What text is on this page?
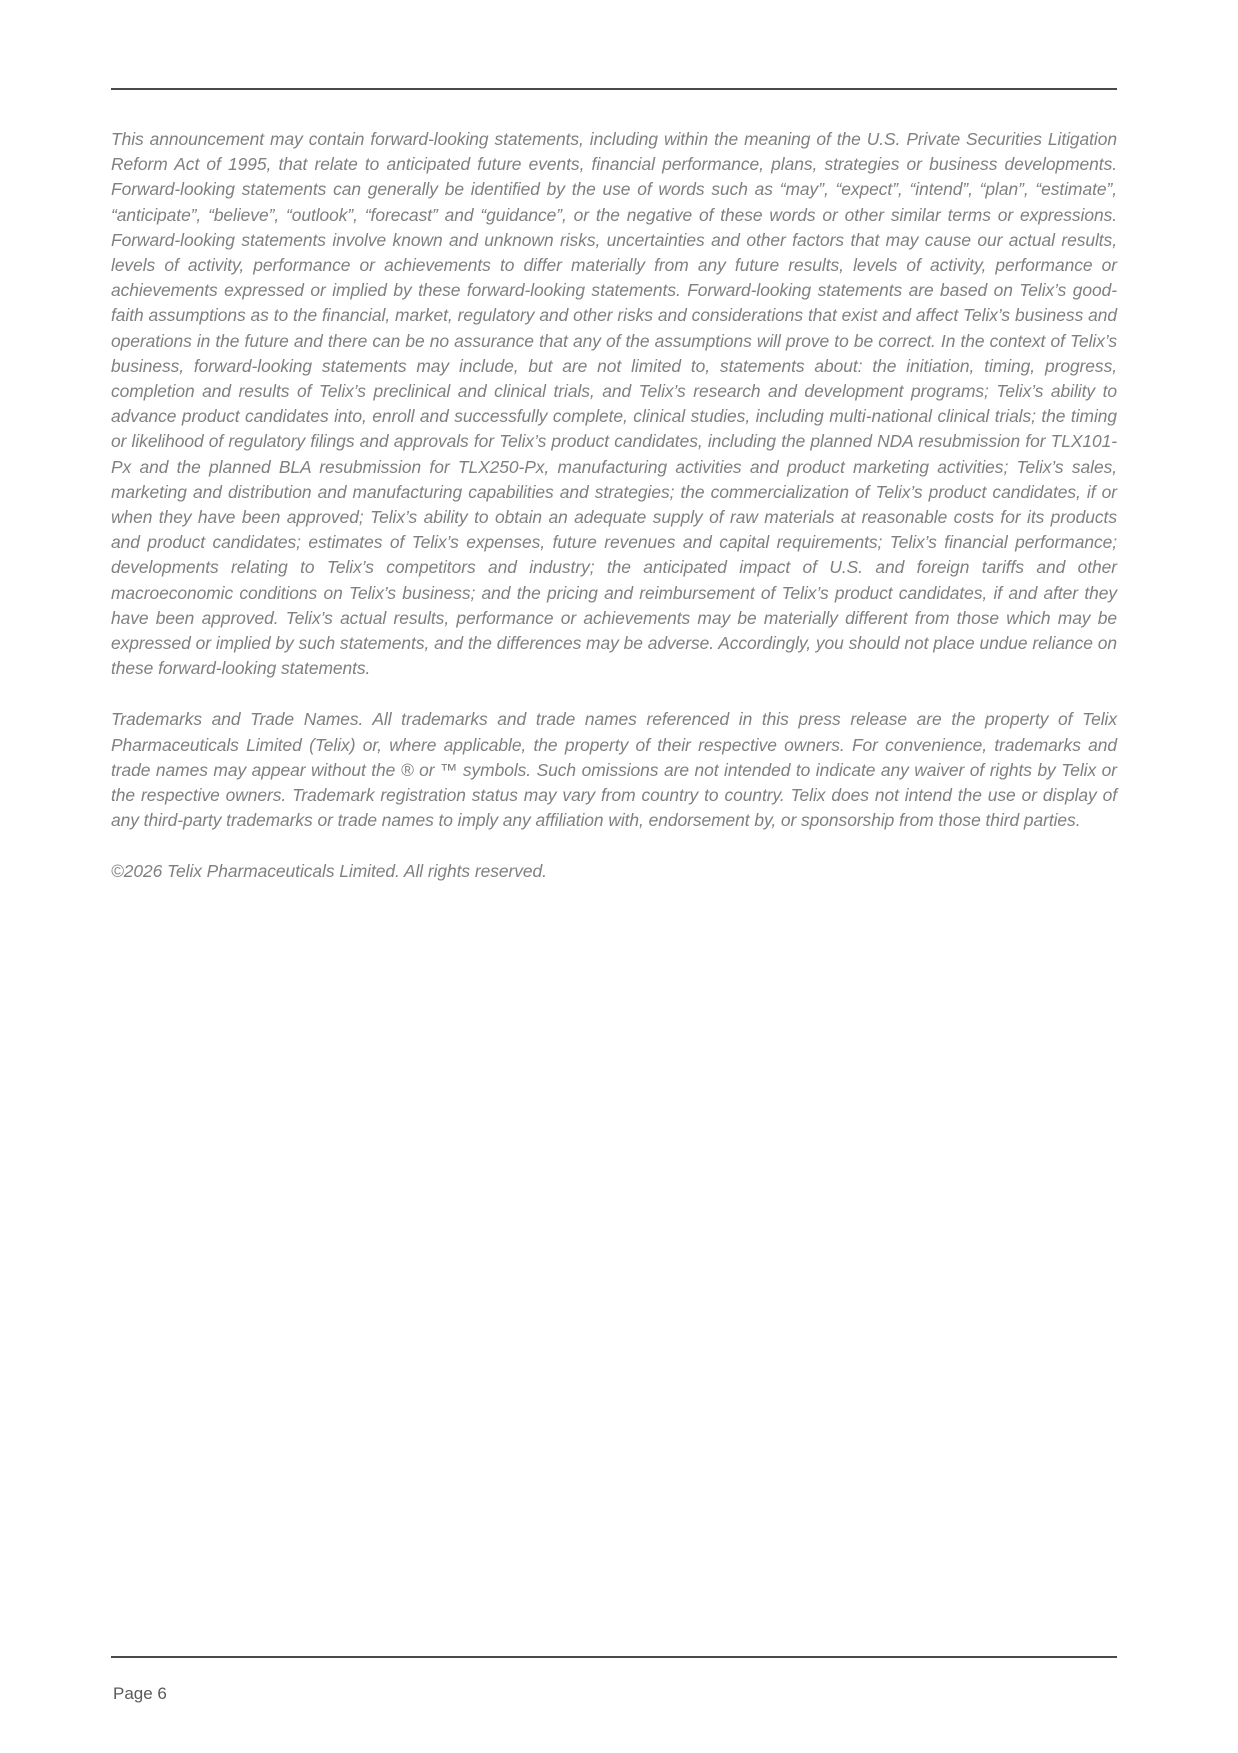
This announcement may contain forward-looking statements, including within the meaning of the U.S. Private Securities Litigation Reform Act of 1995, that relate to anticipated future events, financial performance, plans, strategies or business developments. Forward-looking statements can generally be identified by the use of words such as “may”, “expect”, “intend”, “plan”, “estimate”, “anticipate”, “believe”, “outlook”, “forecast” and “guidance”, or the negative of these words or other similar terms or expressions. Forward-looking statements involve known and unknown risks, uncertainties and other factors that may cause our actual results, levels of activity, performance or achievements to differ materially from any future results, levels of activity, performance or achievements expressed or implied by these forward-looking statements. Forward-looking statements are based on Telix’s good-faith assumptions as to the financial, market, regulatory and other risks and considerations that exist and affect Telix’s business and operations in the future and there can be no assurance that any of the assumptions will prove to be correct. In the context of Telix’s business, forward-looking statements may include, but are not limited to, statements about: the initiation, timing, progress, completion and results of Telix’s preclinical and clinical trials, and Telix’s research and development programs; Telix’s ability to advance product candidates into, enroll and successfully complete, clinical studies, including multi-national clinical trials; the timing or likelihood of regulatory filings and approvals for Telix’s product candidates, including the planned NDA resubmission for TLX101-Px and the planned BLA resubmission for TLX250-Px, manufacturing activities and product marketing activities; Telix’s sales, marketing and distribution and manufacturing capabilities and strategies; the commercialization of Telix’s product candidates, if or when they have been approved; Telix’s ability to obtain an adequate supply of raw materials at reasonable costs for its products and product candidates; estimates of Telix’s expenses, future revenues and capital requirements; Telix’s financial performance; developments relating to Telix’s competitors and industry; the anticipated impact of U.S. and foreign tariffs and other macroeconomic conditions on Telix’s business; and the pricing and reimbursement of Telix’s product candidates, if and after they have been approved. Telix’s actual results, performance or achievements may be materially different from those which may be expressed or implied by such statements, and the differences may be adverse. Accordingly, you should not place undue reliance on these forward-looking statements.

Trademarks and Trade Names. All trademarks and trade names referenced in this press release are the property of Telix Pharmaceuticals Limited (Telix) or, where applicable, the property of their respective owners. For convenience, trademarks and trade names may appear without the ® or ™ symbols. Such omissions are not intended to indicate any waiver of rights by Telix or the respective owners. Trademark registration status may vary from country to country. Telix does not intend the use or display of any third-party trademarks or trade names to imply any affiliation with, endorsement by, or sponsorship from those third parties.

©2026 Telix Pharmaceuticals Limited. All rights reserved.

Page 6
